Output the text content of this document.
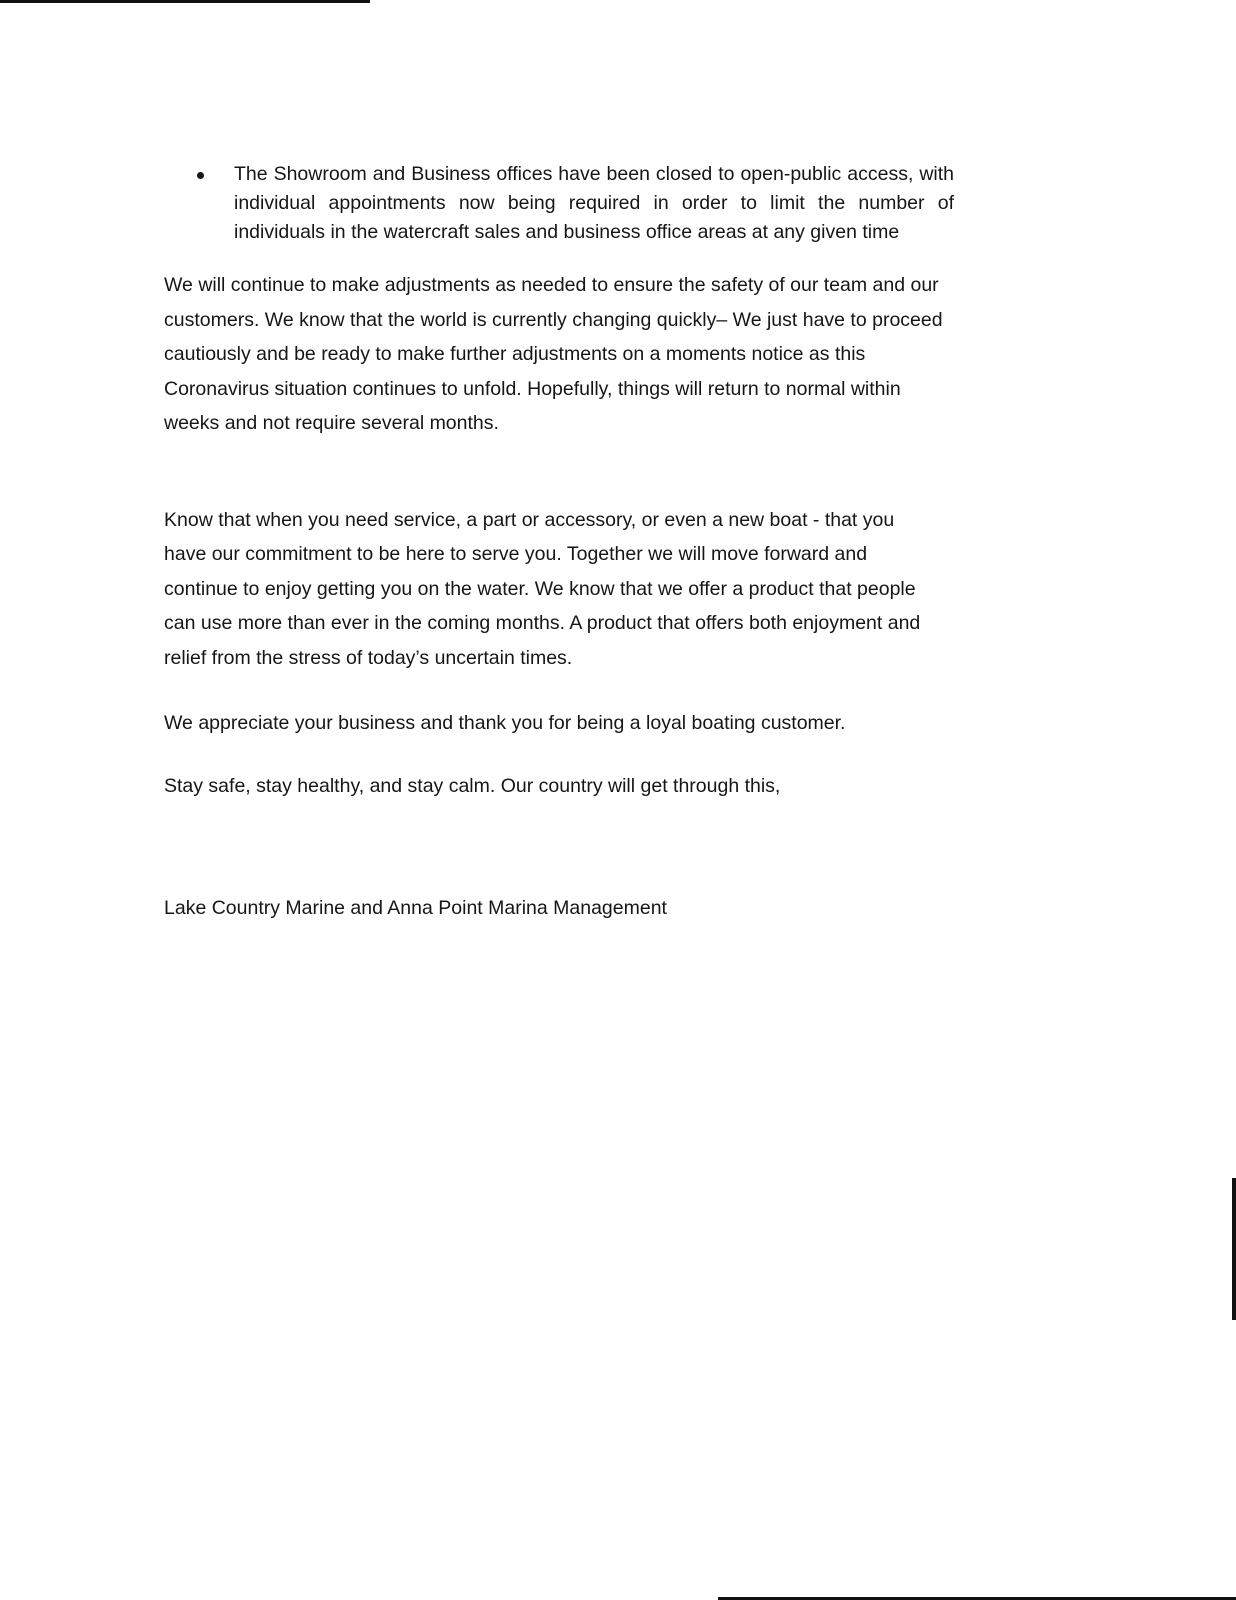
The Showroom and Business offices have been closed to open-public access, with individual appointments now being required in order to limit the number of individuals in the watercraft sales and business office areas at any given time

We will continue to make adjustments as needed to ensure the safety of our team and our customers. We know that the world is currently changing quickly– We just have to proceed cautiously and be ready to make further adjustments on a moments notice as this Coronavirus situation continues to unfold. Hopefully, things will return to normal within weeks and not require several months.

Know that when you need service, a part or accessory, or even a new boat - that you have our commitment to be here to serve you. Together we will move forward and continue to enjoy getting you on the water. We know that we offer a product that people can use more than ever in the coming months. A product that offers both enjoyment and relief from the stress of today’s uncertain times.

We appreciate your business and thank you for being a loyal boating customer.

Stay safe, stay healthy, and stay calm. Our country will get through this,

Lake Country Marine and Anna Point Marina Management
